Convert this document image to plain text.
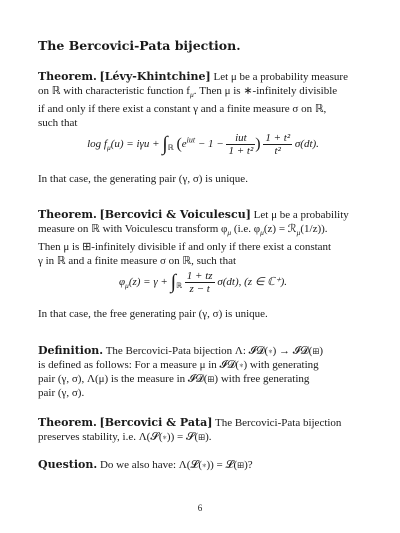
The Bercovici-Pata bijection.
Theorem. [Lévy-Khintchine] Let μ be a probability measure
on ℝ with characteristic function $f_\mu$. Then μ is ∗-infinitely divisible
if and only if there exist a constant γ and a finite measure σ on ℝ,
such that
$\log f_\mu(u) = i\gamma u + \int_ℝ$ ($e^{iut} - 1 - \frac{\text{iut}}{\text{1 + t²}}$ ) $\frac{\text{1 + t²}}{\text{t²}} \sigma(dt)$.
In that case, the generating pair (γ, σ) is unique.
Theorem. [Bercovici & Voiculescu] Let μ be a probability
measure on ℝ with Voiculescu transform $\varphi_\mu$ (i.e. $\varphi_\mu(z)$ = ℛ$_\mu$(1/z)).
Then μ is ⊞-infinitely divisible if and only if there exist a constant
γ in ℝ and a finite measure σ on ℝ, such that
$\varphi_\mu(z) = \gamma + \int_ℝ \frac{1 + tz}{z - t} \sigma(dt)$, (z ∈ ℂ⁺).
In that case, the free generating pair (γ, σ) is unique.
Definition. The Bercovici-Pata bijection Λ: 𝓘𝓓(∗) → 𝓘𝓓(⊞)
is defined as follows: For a measure μ in 𝓘𝓓(∗) with generating
pair (γ, σ), Λ(μ) is the measure in 𝓘𝓓(⊞) with free generating
pair (γ, σ).
Theorem. [Bercovici & Pata] The Bercovici-Pata bijection
preserves stability, i.e. Λ(𝓢(∗)) = 𝓢(⊞).
Question. Do we also have: Λ(𝓛(∗)) = 𝓛(⊞)?
6
